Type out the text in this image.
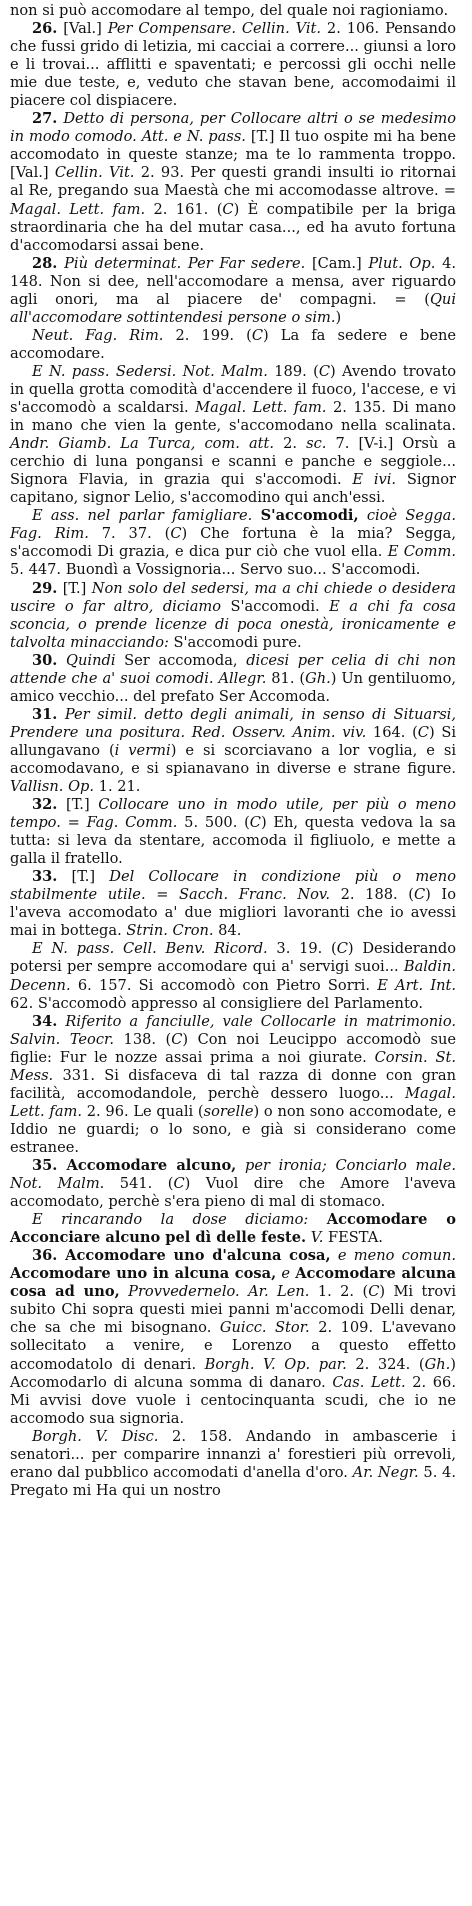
non si può accomodare al tempo, del quale noi ragioniamo.

26. [Val.] Per Compensare. Cellin. Vit. 2. 106. Pensando che fussi grido di letizia, mi cacciai a correre... giunsi a loro e li trovai... afflitti e spaventati; e percossi gli occhi nelle mie due teste, e, veduto che stavan bene, accomodaimi il piacere col dispiacere.

27. Detto di persona, per Collocare altri o se medesimo in modo comodo. Att. e N. pass. [T.] Il tuo ospite mi ha bene accomodato in queste stanze; ma te lo rammenta troppo. [Val.] Cellin. Vit. 2. 93. Per questi grandi insulti io ritornai al Re, pregando sua Maestà che mi accomodasse altrove. = Magal. Lett. fam. 2. 161. (C) È compatibile per la briga straordinaria che ha del mutar casa..., ed ha avuto fortuna d'accomodarsi assai bene.

28. Più determinat. Per Far sedere. [Cam.] Plut. Op. 4. 148. Non si dee, nell'accomodare a mensa, aver riguardo agli onori, ma al piacere de' compagni. = (Qui all'accomodare sottintendesi persone o sim.)

Neut. Fag. Rim. 2. 199. (C) La fa sedere e bene accomodare.

E N. pass. Sedersi. Not. Malm. 189. (C) Avendo trovato in quella grotta comodità d'accendere il fuoco, l'accese, e vi s'accomodò a scaldarsi. Magal. Lett. fam. 2. 135. Di mano in mano che vien la gente, s'accomodano nella scalinata. Andr. Giamb. La Turca, com. att. 2. sc. 7. [V-i.] Orsù a cerchio di luna pongansi e scanni e panche e seggiole... Signora Flavia, in grazia qui s'accomodi. E ivi. Signor capitano, signor Lelio, s'accomodino qui anch'essi.

E ass. nel parlar famigliare. S'accomodi, cioè Segga. Fag. Rim. 7. 37. (C) Che fortuna è la mia? Segga, s'accomodi Di grazia, e dica pur ciò che vuol ella. E Comm. 5. 447. Buondì a Vossignoria... Servo suo... S'accomodi.

29. [T.] Non solo del sedersi, ma a chi chiede o desidera uscire o far altro, diciamo S'accomodi. E a chi fa cosa sconcia, o prende licenze di poca onestà, ironicamente e talvolta minacciando: S'accomodi pure.

30. Quindi Ser accomoda, dicesi per celia di chi non attende che a' suoi comodi. Allegr. 81. (Gh.) Un gentiluomo, amico vecchio... del prefato Ser Accomoda.

31. Per simil. detto degli animali, in senso di Situarsi, Prendere una positura. Red. Osserv. Anim. viv. 164. (C) Si allungavano (i vermi) e si scorciavano a lor voglia, e si accomodavano, e si spianavano in diverse e strane figure. Vallisn. Op. 1. 21.

32. [T.] Collocare uno in modo utile, per più o meno tempo. = Fag. Comm. 5. 500. (C) Eh, questa vedova la sa tutta: si leva da stentare, accomoda il figliuolo, e mette a galla il fratello.

33. [T.] Del Collocare in condizione più o meno stabilmente utile. = Sacch. Franc. Nov. 2. 188. (C) Io l'aveva accomodato a' due migliori lavoranti che io avessi mai in bottega. Strin. Cron. 84.

E N. pass. Cell. Benv. Ricord. 3. 19. (C) Desiderando potersi per sempre accomodare qui a' servigi suoi... Baldin. Decenn. 6. 157. Si accomodò con Pietro Sorri. E Art. Int. 62. S'accomodò appresso al consigliere del Parlamento.

34. Riferito a fanciulle, vale Collocarle in matrimonio. Salvin. Teocr. 138. (C) Con noi Leucippo accomodò sue figlie: Fur le nozze assai prima a noi giurate. Corsin. St. Mess. 331. Si disfaceva di tal razza di donne con gran facilità, accomodandole, perchè dessero luogo... Magal. Lett. fam. 2. 96. Le quali (sorelle) o non sono accomodate, e Iddio ne guardi; o lo sono, e già si considerano come estranee.

35. Accomodare alcuno, per ironia; Conciarlo male. Not. Malm. 541. (C) Vuol dire che Amore l'aveva accomodato, perchè s'era pieno di mal di stomaco.

E rincarando la dose diciamo: Accomodare o Acconciare alcuno pel dì delle feste. V. FESTA.

36. Accomodare uno d'alcuna cosa, e meno comun. Accomodare uno in alcuna cosa, e Accomodare alcuna cosa ad uno, Provvedernelo. Ar. Len. 1. 2. (C) Mi trovi subito Chi sopra questi miei panni m'accomodi Delli denar, che sa che mi bisognano. Guicc. Stor. 2. 109. L'avevano sollecitato a venire, e Lorenzo a questo effetto accomodatolo di denari. Borgh. V. Op. par. 2. 324. (Gh.) Accomodarlo di alcuna somma di danaro. Cas. Lett. 2. 66. Mi avvisi dove vuole i centocinquanta scudi, che io ne accomodo sua signoria.

Borgh. V. Disc. 2. 158. Andando in ambascerie i senatori... per comparire innanzi a' forestieri più orrevoli, erano dal pubblico accomodati d'anella d'oro. Ar. Negr. 5. 4. Pregato mi Ha qui un nostro
